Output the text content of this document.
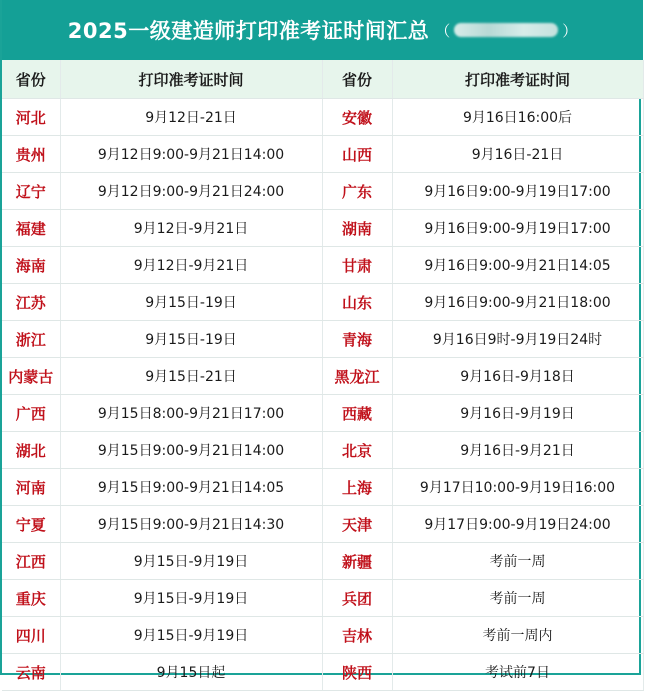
2025一级建造师打印准考证时间汇总 （	）
省份	打印准考证时间	省份	打印准考证时间
河北	9月12日-21日	安徽	9月16日16:00后
贵州	9月12日9:00-9月21日14:00	山西	9月16日-21日
辽宁	9月12日9:00-9月21日24:00	广东	9月16日9:00-9月19日17:00
福建	9月12日-9月21日	湖南	9月16日9:00-9月19日17:00
海南	9月12日-9月21日	甘肃	9月16日9:00-9月21日14:05
江苏	9月15日-19日	山东	9月16日9:00-9月21日18:00
浙江	9月15日-19日	青海	9月16日9时-9月19日24时
内蒙古	9月15日-21日	黑龙江	9月16日-9月18日
广西	9月15日8:00-9月21日17:00	西藏	9月16日-9月19日
湖北	9月15日9:00-9月21日14:00	北京	9月16日-9月21日
河南	9月15日9:00-9月21日14:05	上海	9月17日10:00-9月19日16:00
宁夏	9月15日9:00-9月21日14:30	天津	9月17日9:00-9月19日24:00
江西	9月15日-9月19日	新疆	考前一周
重庆	9月15日-9月19日	兵团	考前一周
四川	9月15日-9月19日	吉林	考前一周内
云南	9月15日起	陕西	考试前7日
